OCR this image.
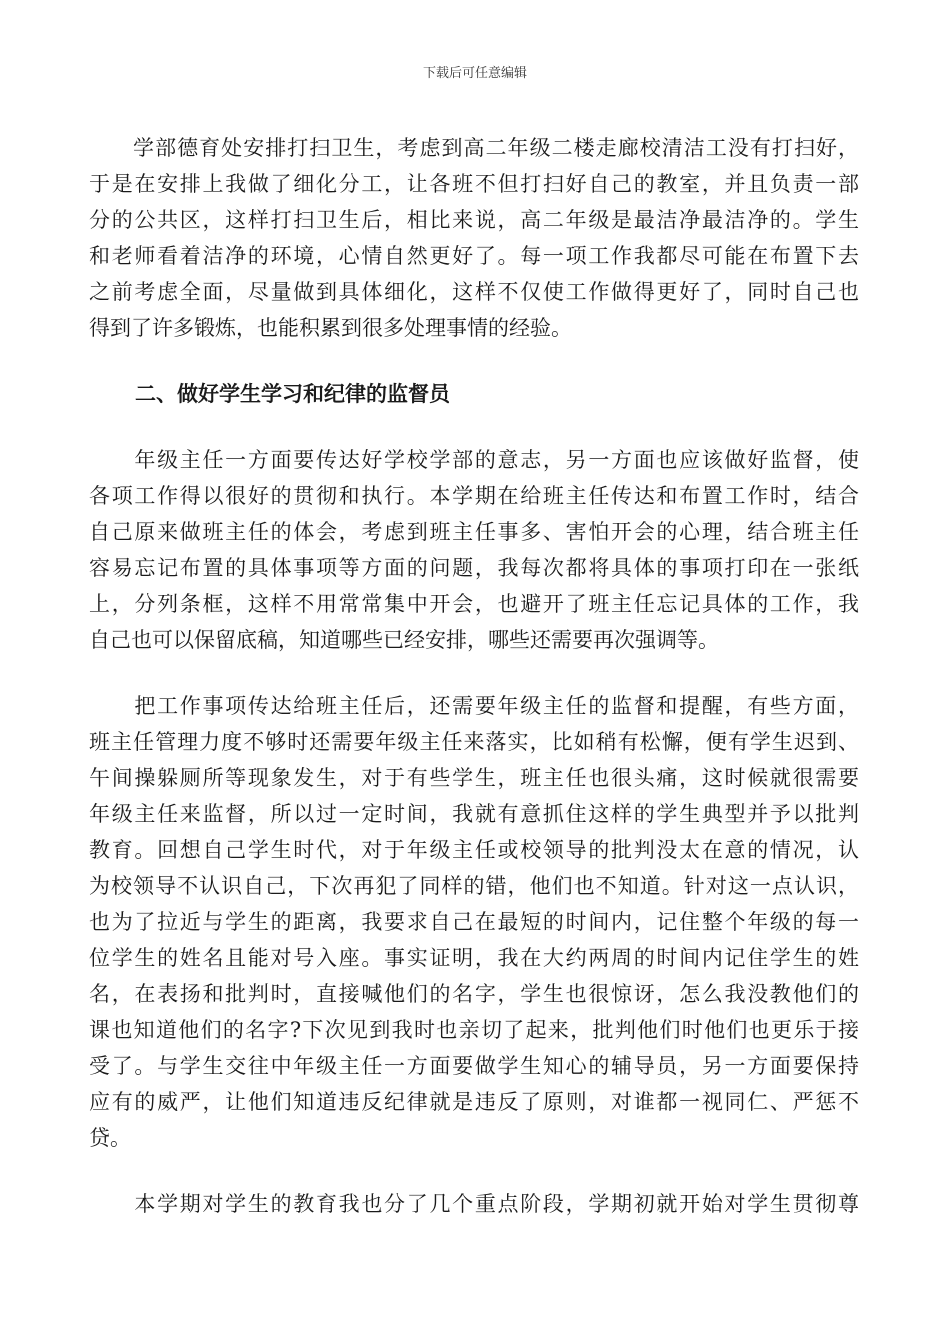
下载后可任意编辑
　　学部德育处安排打扫卫生，考虑到高二年级二楼走廊校清洁工没有打扫好，
于是在安排上我做了细化分工，让各班不但打扫好自己的教室，并且负责一部
分的公共区，这样打扫卫生后，相比来说，高二年级是最洁净最洁净的。学生
和老师看着洁净的环境，心情自然更好了。每一项工作我都尽可能在布置下去
之前考虑全面，尽量做到具体细化，这样不仅使工作做得更好了，同时自己也
得到了许多锻炼，也能积累到很多处理事情的经验。
二、做好学生学习和纪律的监督员
　　年级主任一方面要传达好学校学部的意志，另一方面也应该做好监督，使
各项工作得以很好的贯彻和执行。本学期在给班主任传达和布置工作时，结合
自己原来做班主任的体会，考虑到班主任事多、害怕开会的心理，结合班主任
容易忘记布置的具体事项等方面的问题，我每次都将具体的事项打印在一张纸
上，分列条框，这样不用常常集中开会，也避开了班主任忘记具体的工作，我
自己也可以保留底稿，知道哪些已经安排，哪些还需要再次强调等。
　　把工作事项传达给班主任后，还需要年级主任的监督和提醒，有些方面，
班主任管理力度不够时还需要年级主任来落实，比如稍有松懈，便有学生迟到、
午间操躲厕所等现象发生，对于有些学生，班主任也很头痛，这时候就很需要
年级主任来监督，所以过一定时间，我就有意抓住这样的学生典型并予以批判
教育。回想自己学生时代，对于年级主任或校领导的批判没太在意的情况，认
为校领导不认识自己，下次再犯了同样的错，他们也不知道。针对这一点认识，
也为了拉近与学生的距离，我要求自己在最短的时间内，记住整个年级的每一
位学生的姓名且能对号入座。事实证明，我在大约两周的时间内记住学生的姓
名，在表扬和批判时，直接喊他们的名字，学生也很惊讶，怎么我没教他们的
课也知道他们的名字?下次见到我时也亲切了起来，批判他们时他们也更乐于接
受了。与学生交往中年级主任一方面要做学生知心的辅导员，另一方面要保持
应有的威严，让他们知道违反纪律就是违反了原则，对谁都一视同仁、严惩不
贷。
　　本学期对学生的教育我也分了几个重点阶段，学期初就开始对学生贯彻尊
